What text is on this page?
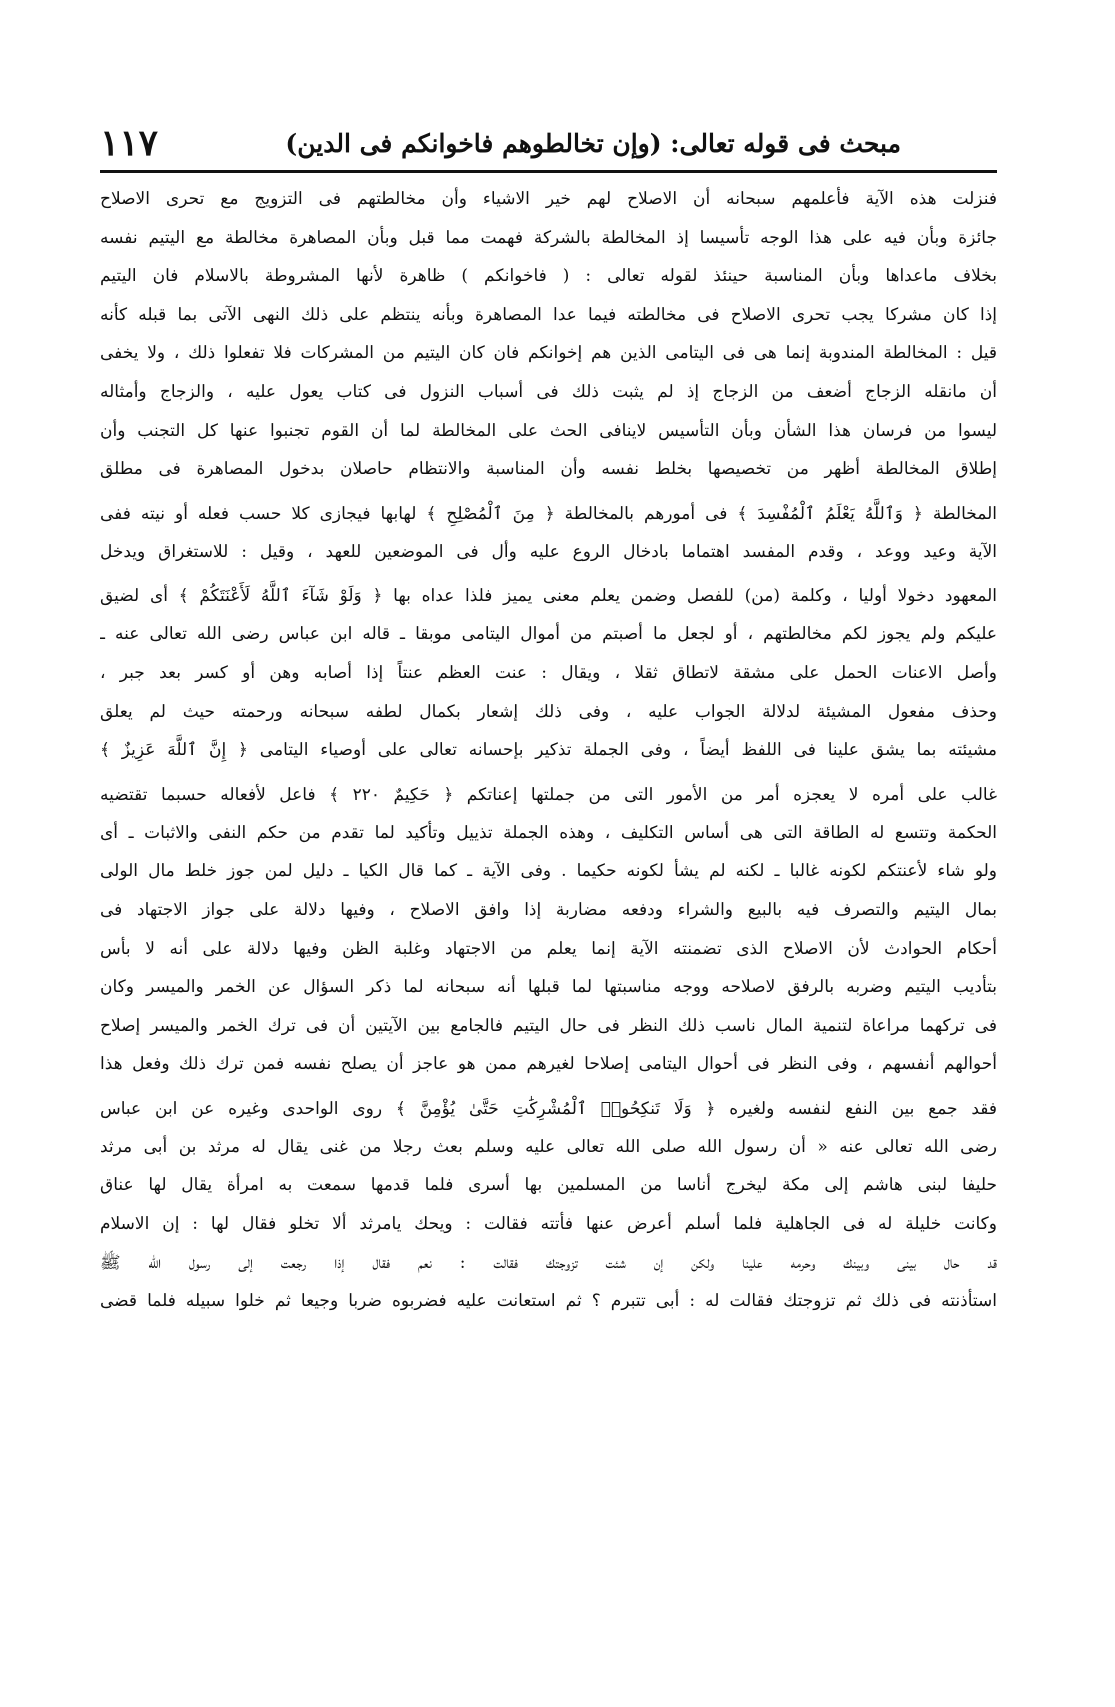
١١٧	مبحث فى قوله تعالى: (وإن تخالطوهم فاخوانكم فى الدين)
فنزلت هذه الآية فأعلمهم سبحانه أن الاصلاح لهم خير الاشياء وأن مخالطتهم فى التزويج مع تحرى الاصلاح
جائزة وبأن فيه على هذا الوجه تأسيسا إذ المخالطة بالشركة فهمت مما قبل وبأن المصاهرة مخالطة مع اليتيم نفسه
بخلاف ماعداها وبأن المناسبة حينئذ لقوله تعالى : ( فاخوانكم ) ظاهرة لأنها المشروطة بالاسلام فان اليتيم
إذا كان مشركا يجب تحرى الاصلاح فى مخالطته فيما عدا المصاهرة وبأنه ينتظم على ذلك النهى الآتى بما قبله كأنه
قيل : المخالطة المندوبة إنما هى فى اليتامى الذين هم إخوانكم فان كان اليتيم من المشركات فلا تفعلوا ذلك ، ولا يخفى
أن مانقله الزجاج أضعف من الزجاج إذ لم يثبت ذلك فى أسباب النزول فى كتاب يعول عليه ، والزجاج وأمثاله
ليسوا من فرسان هذا الشأن وبأن التأسيس لاينافى الحث على المخالطة لما أن القوم تجنبوا عنها كل التجنب وأن
إطلاق المخالطة أظهر من تخصيصها بخلط نفسه وأن المناسبة والانتظام حاصلان بدخول المصاهرة فى مطلق
المخالطة ﴿ وَٱللَّهُ يَعْلَمُ ٱلْمُفْسِدَ ﴾ فى أمورهم بالمخالطة ﴿ مِنَ ٱلْمُصْلِحِ ﴾ لهابها فيجازى كلا حسب فعله أو نيته ففى
الآية وعيد ووعد ، وقدم المفسد اهتماما بادخال الروع عليه وأل فى الموضعين للعهد ، وقيل : للاستغراق ويدخل
المعهود دخولا أوليا ، وكلمة (من) للفصل وضمن يعلم معنى يميز فلذا عداه بها ﴿ وَلَوْ شَآءَ ٱللَّهُ لَأَعْنَتَكُمْ ﴾ أى لضيق
عليكم ولم يجوز لكم مخالطتهم ، أو لجعل ما أصبتم من أموال اليتامى موبقا ـ قاله ابن عباس رضى الله تعالى عنه ـ
وأصل الاعنات الحمل على مشقة لاتطاق ثقلا ، ويقال : عنت العظم عنتاً إذا أصابه وهن أو كسر بعد جبر ،
وحذف مفعول المشيئة لدلالة الجواب عليه ، وفى ذلك إشعار بكمال لطفه سبحانه ورحمته حيث لم يعلق
مشيئته بما يشق علينا فى اللفظ أيضاً ، وفى الجملة تذكير بإحسانه تعالى على أوصياء اليتامى ﴿ إِنَّ ٱللَّهَ عَزِيزٌ ﴾
غالب على أمره لا يعجزه أمر من الأمور التى من جملتها إعناتكم ﴿ حَكِيمٌ ٢٢٠ ﴾ فاعل لأفعاله حسبما تقتضيه
الحكمة وتتسع له الطاقة التى هى أساس التكليف ، وهذه الجملة تذييل وتأكيد لما تقدم من حكم النفى والاثبات ـ أى
ولو شاء لأعنتكم لكونه غالبا ـ لكنه لم يشأ لكونه حكيما . وفى الآية ـ كما قال الكيا ـ دليل لمن جوز خلط مال الولى
بمال اليتيم والتصرف فيه بالبيع والشراء ودفعه مضاربة إذا وافق الاصلاح ، وفيها دلالة على جواز الاجتهاد فى
أحكام الحوادث لأن الاصلاح الذى تضمنته الآية إنما يعلم من الاجتهاد وغلبة الظن وفيها دلالة على أنه لا بأس
بتأديب اليتيم وضربه بالرفق لاصلاحه ووجه مناسبتها لما قبلها أنه سبحانه لما ذكر السؤال عن الخمر والميسر وكان
فى تركهما مراعاة لتنمية المال ناسب ذلك النظر فى حال اليتيم فالجامع بين الآيتين أن فى ترك الخمر والميسر إصلاح
أحوالهم أنفسهم ، وفى النظر فى أحوال اليتامى إصلاحا لغيرهم ممن هو عاجز أن يصلح نفسه فمن ترك ذلك وفعل هذا
فقد جمع بين النفع لنفسه ولغيره ﴿ وَلَا تَنكِحُوا۟ ٱلْمُشْرِكَٰتِ حَتَّىٰ يُؤْمِنَّ ﴾ روى الواحدى وغيره عن ابن عباس
رضى الله تعالى عنه « أن رسول الله صلى الله تعالى عليه وسلم بعث رجلا من غنى يقال له مرثد بن أبى مرثد
حليفا لبنى هاشم إلى مكة ليخرج أناسا من المسلمين بها أسرى فلما قدمها سمعت به امرأة يقال لها عناق
وكانت خليلة له فى الجاهلية فلما أسلم أعرض عنها فأتته فقالت : ويحك يامرثد ألا تخلو فقال لها : إن الاسلام
قد حال بينى وبينك وحرمه علينا ولكن إن شئت تزوجتك فقالت : نعم فقال إذا رجعت إلى رسول الله ﷺ
استأذنته فى ذلك ثم تزوجتك فقالت له : أبى تتبرم ؟ ثم استعانت عليه فضربوه ضربا وجيعا ثم خلوا سبيله فلما قضى
